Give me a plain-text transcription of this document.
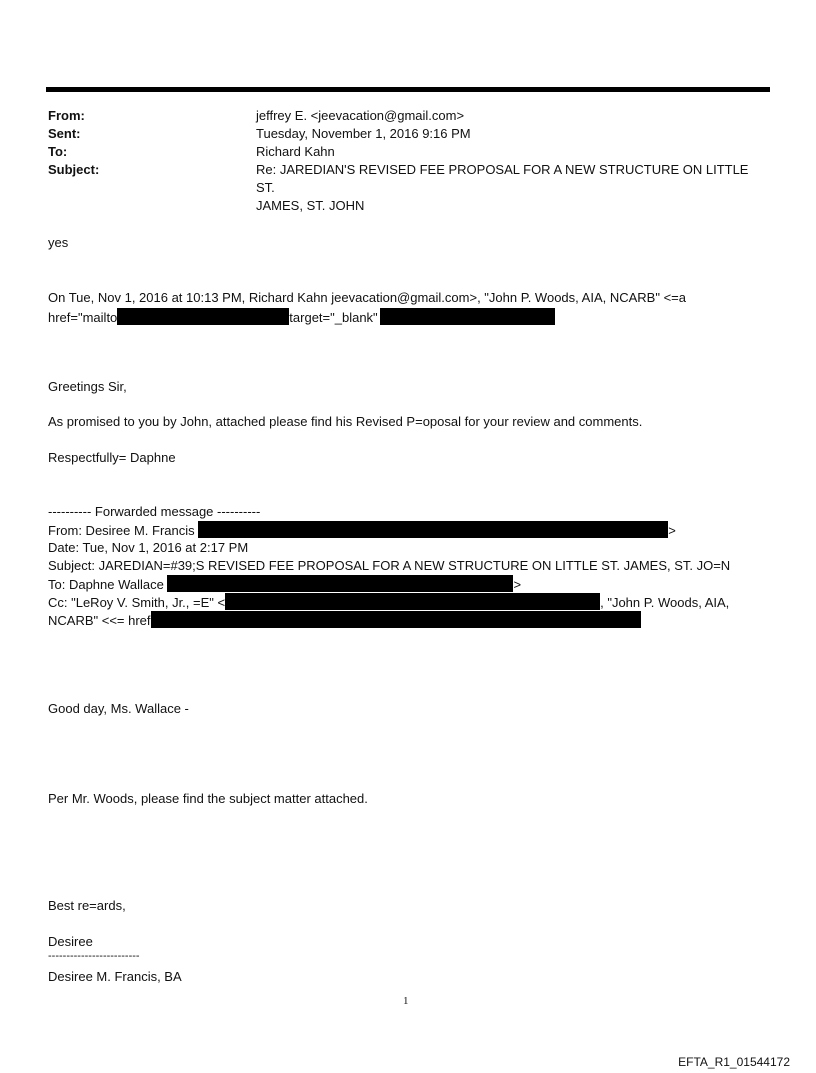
From:	jeffrey E. <jeevacation@gmail.com>
Sent:	Tuesday, November 1, 2016 9:16 PM
To:	Richard Kahn
Subject:	Re: JAREDIAN'S REVISED FEE PROPOSAL FOR A NEW STRUCTURE ON LITTLE ST.
JAMES, ST. JOHN
yes
On Tue, Nov 1, 2016 at 10:13 PM, Richard Kahn jeevacation@gmail.com>, "John P. Woods, AIA, NCARB" <=a
href="mailto	target="_blank"
Greetings Sir,
As promised to you by John, attached please find his Revised P=oposal for your review and comments.
Respectfully= Daphne
---------- Forwarded message ----------
From: Desiree M. Francis	>
Date: Tue, Nov 1, 2016 at 2:17 PM
Subject: JAREDIAN=#39;S REVISED FEE PROPOSAL FOR A NEW STRUCTURE ON LITTLE ST. JAMES, ST. JO=N
To: Daphne Wallace	>
Cc: "LeRoy V. Smith, Jr., =E" <	, "John P. Woods, AIA,
NCARB" <<= href
Good day, Ms. Wallace -
Per Mr. Woods, please find the subject matter attached.
Best re=ards,
Desiree
-------------------------
Desiree M. Francis, BA
1
EFTA_R1_01544172
